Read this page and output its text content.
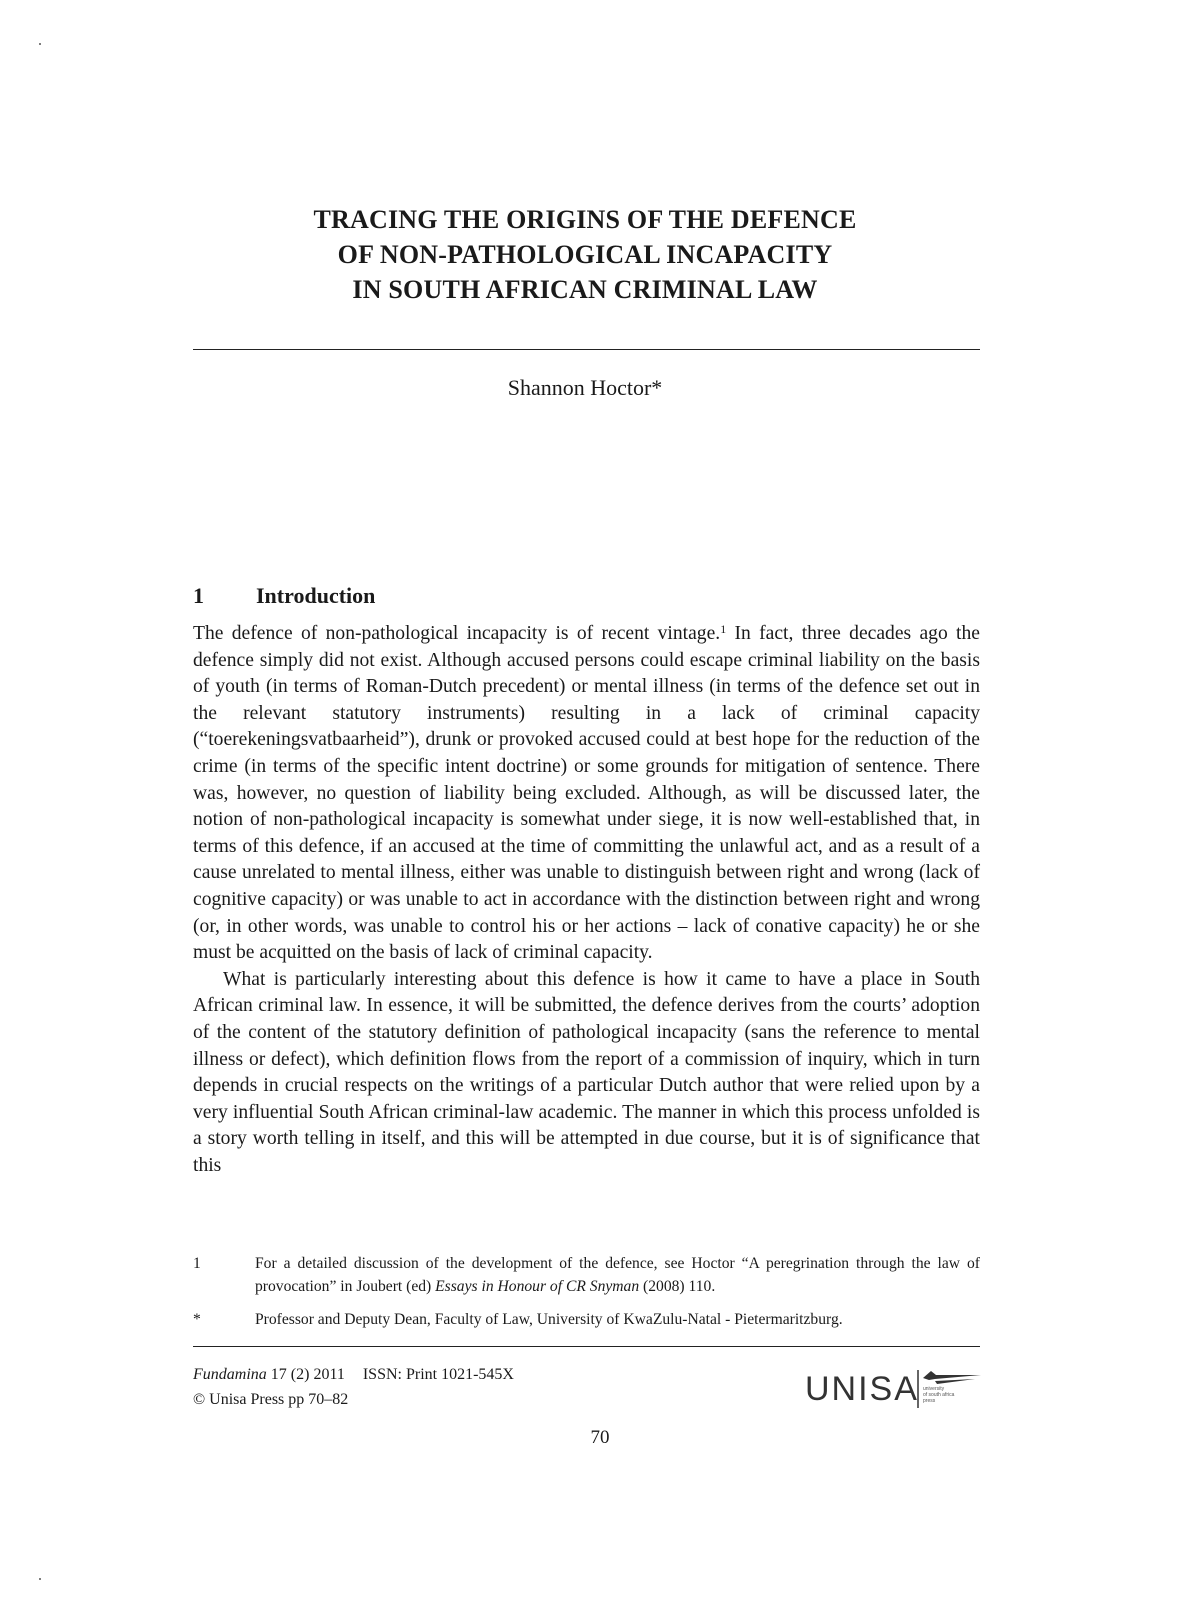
TRACING THE ORIGINS OF THE DEFENCE
OF NON-PATHOLOGICAL INCAPACITY
IN SOUTH AFRICAN CRIMINAL LAW
Shannon Hoctor*
1 Introduction

The defence of non-pathological incapacity is of recent vintage.$^1$ In fact, three decades ago the defence simply did not exist. Although accused persons could escape criminal liability on the basis of youth (in terms of Roman-Dutch precedent) or mental illness (in terms of the defence set out in the relevant statutory instruments) resulting in a lack of criminal capacity (“toerekeningsvatbaarheid”), drunk or provoked accused could at best hope for the reduction of the crime (in terms of the specific intent doctrine) or some grounds for mitigation of sentence. There was, however, no question of liability being excluded. Although, as will be discussed later, the notion of non-pathological incapacity is somewhat under siege, it is now well-established that, in terms of this defence, if an accused at the time of committing the unlawful act, and as a result of a cause unrelated to mental illness, either was unable to distinguish between right and wrong (lack of cognitive capacity) or was unable to act in accordance with the distinction between right and wrong (or, in other words, was unable to control his or her actions – lack of conative capacity) he or she must be acquitted on the basis of lack of criminal capacity.

What is particularly interesting about this defence is how it came to have a place in South African criminal law. In essence, it will be submitted, the defence derives from the courts’ adoption of the content of the statutory definition of pathological incapacity (sans the reference to mental illness or defect), which definition flows from the report of a commission of inquiry, which in turn depends in crucial respects on the writings of a particular Dutch author that were relied upon by a very influential South African criminal-law academic. The manner in which this process unfolded is a story worth telling in itself, and this will be attempted in due course, but it is of significance that this

1	For a detailed discussion of the development of the defence, see Hoctor “A peregrination through the law of provocation” in Joubert (ed) Essays in Honour of CR Snyman (2008) 110.
*	Professor and Deputy Dean, Faculty of Law, University of KwaZulu-Natal - Pietermaritzburg.
Fundamina 17 (2) 2011 ISSN: Print 1021-545X
© Unisa Press pp 70–82	UNISA university
of south africa
press
70
